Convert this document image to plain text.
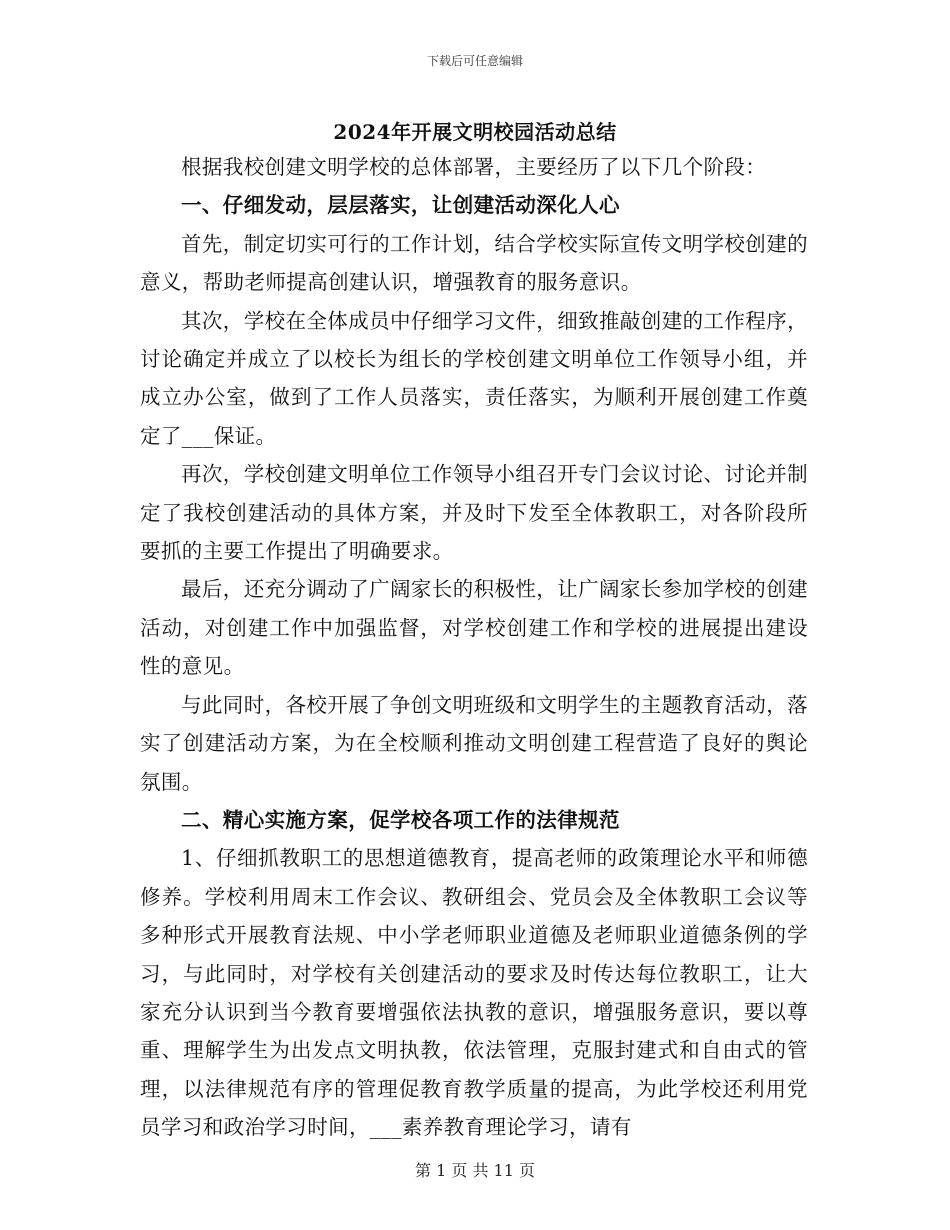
下载后可任意编辑
2024年开展文明校园活动总结

根据我校创建文明学校的总体部署，主要经历了以下几个阶段：

一、仔细发动，层层落实，让创建活动深化人心

首先，制定切实可行的工作计划，结合学校实际宣传文明学校创建的意义，帮助老师提高创建认识，增强教育的服务意识。

其次，学校在全体成员中仔细学习文件，细致推敲创建的工作程序，讨论确定并成立了以校长为组长的学校创建文明单位工作领导小组，并成立办公室，做到了工作人员落实，责任落实，为顺利开展创建工作奠定了___保证。

再次，学校创建文明单位工作领导小组召开专门会议讨论、讨论并制定了我校创建活动的具体方案，并及时下发至全体教职工，对各阶段所要抓的主要工作提出了明确要求。

最后，还充分调动了广阔家长的积极性，让广阔家长参加学校的创建活动，对创建工作中加强监督，对学校创建工作和学校的进展提出建设性的意见。

与此同时，各校开展了争创文明班级和文明学生的主题教育活动，落实了创建活动方案，为在全校顺利推动文明创建工程营造了良好的舆论氛围。

二、精心实施方案，促学校各项工作的法律规范

1、仔细抓教职工的思想道德教育，提高老师的政策理论水平和师德修养。学校利用周末工作会议、教研组会、党员会及全体教职工会议等多种形式开展教育法规、中小学老师职业道德及老师职业道德条例的学习，与此同时，对学校有关创建活动的要求及时传达每位教职工，让大家充分认识到当今教育要增强依法执教的意识，增强服务意识，要以尊重、理解学生为出发点文明执教，依法管理，克服封建式和自由式的管理，以法律规范有序的管理促教育教学质量的提高，为此学校还利用党员学习和政治学习时间，___素养教育理论学习，请有

第 1 页 共 11 页
